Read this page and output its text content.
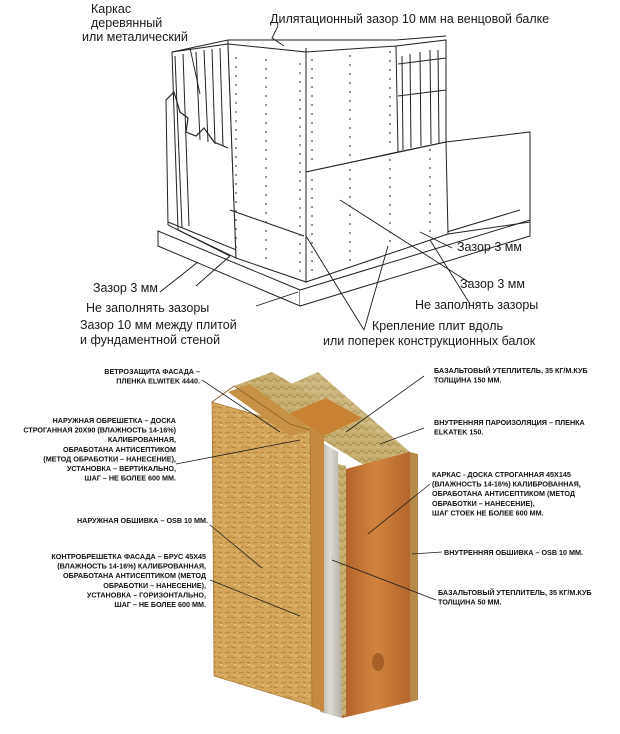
Каркас
деревянный
или металический
Дилятационный зазор 10 мм на венцовой балке
Зазор 3 мм
Зазор 3 мм
Не заполнять зазоры
Крепление плит вдоль
или поперек конструкционных балок
Зазор 3 мм
Не заполнять зазоры
Зазор 10 мм между плитой
и фундаментной стеной
ВЕТРОЗАЩИТА ФАСАДА –
ПЛЕНКА ELWITEK 4440.
НАРУЖНАЯ ОБРЕШЕТКА – ДОСКА
СТРОГАННАЯ 20Х90 (ВЛАЖНОСТЬ 14-16%)
КАЛИБРОВАННАЯ,
ОБРАБОТАНА АНТИСЕПТИКОМ
(МЕТОД ОБРАБОТКИ – НАНЕСЕНИЕ),
УСТАНОВКА – ВЕРТИКАЛЬНО,
ШАГ – НЕ БОЛЕЕ 600 ММ.
НАРУЖНАЯ ОБШИВКА – OSB 10 ММ.
КОНТРОБРЕШЕТКА ФАСАДА – БРУС 45Х45
(ВЛАЖНОСТЬ 14-16%) КАЛИБРОВАННАЯ,
ОБРАБОТАНА АНТИСЕПТИКОМ (МЕТОД
ОБРАБОТКИ – НАНЕСЕНИЕ),
УСТАНОВКА – ГОРИЗОНТАЛЬНО,
ШАГ – НЕ БОЛЕЕ 600 ММ.
БАЗАЛЬТОВЫЙ УТЕПЛИТЕЛЬ, 35 КГ/М.КУБ
ТОЛЩИНА 150 ММ.
ВНУТРЕННЯЯ ПАРОИЗОЛЯЦИЯ – ПЛЕНКА
ELKATEK 150.
КАРКАС - ДОСКА СТРОГАННАЯ 45Х145
(ВЛАЖНОСТЬ 14-16%) КАЛИБРОВАННАЯ,
ОБРАБОТАНА АНТИСЕПТИКОМ (МЕТОД
ОБРАБОТКИ – НАНЕСЕНИЕ),
ШАГ СТОЕК НЕ БОЛЕЕ 600 ММ.
ВНУТРЕННЯЯ ОБШИВКА – OSB 10 ММ.
БАЗАЛЬТОВЫЙ УТЕПЛИТЕЛЬ, 35 КГ/М.КУБ
ТОЛЩИНА 50 ММ.
